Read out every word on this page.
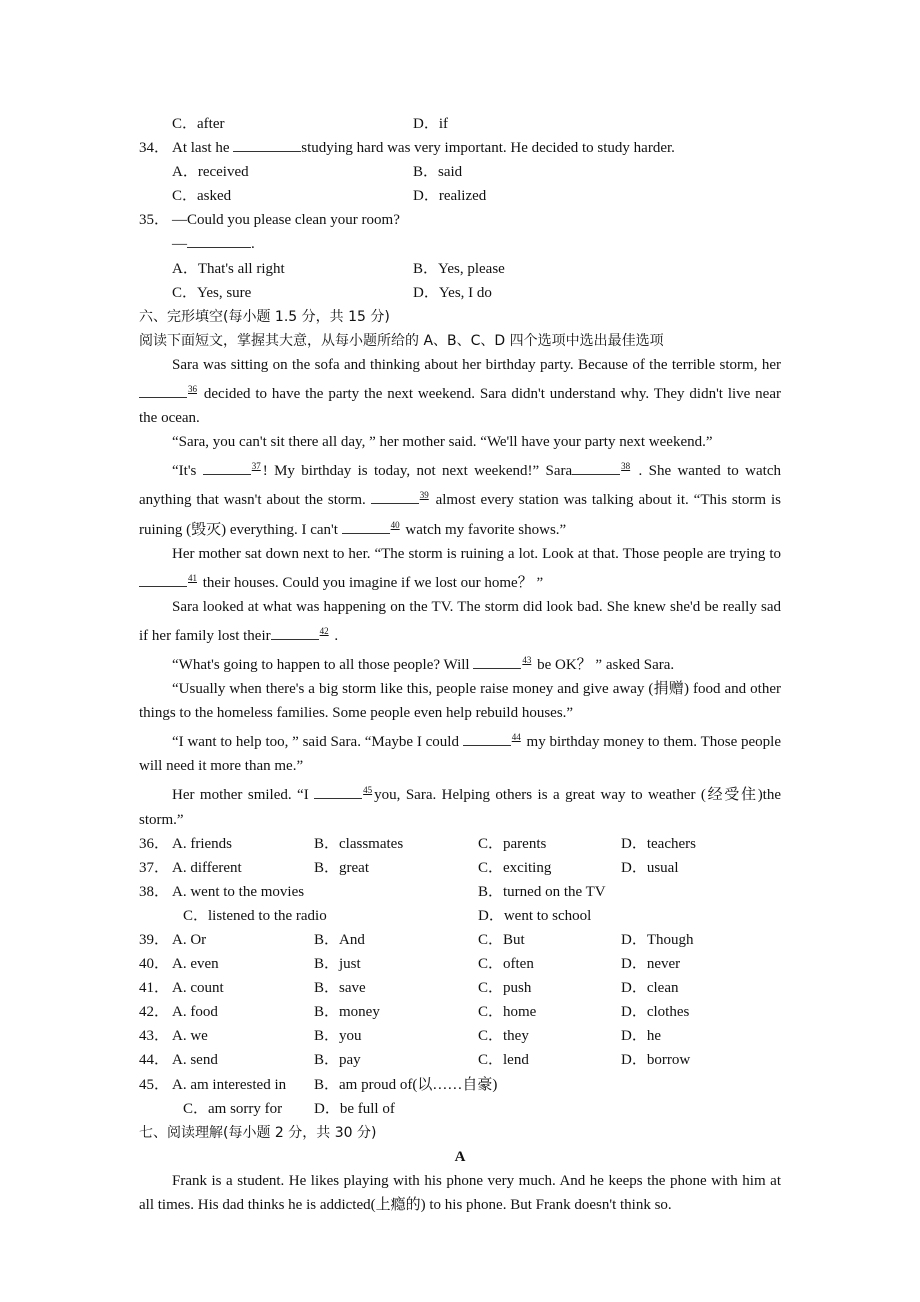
C．after	D．if
34． At last he	studying hard was very important. He decided to study harder.
A．received	B．said
C．asked	D．realized
35． —Could you please clean your room?
—	.
A．That's all right	B．Yes, please
C．Yes, sure	D．Yes, I do
六、完形填空(每小题 1.5 分，共 15 分)
阅读下面短文，掌握其大意，从每小题所给的 A、B、C、D 四个选项中选出最佳选项
Sara was sitting on the sofa and thinking about her birthday party. Because of the terrible storm, her $^{36}$ decided to have the party the next weekend. Sara didn't understand why. They didn't live near the ocean.
“Sara, you can't sit there all day, ” her mother said. “We'll have your party next weekend.”
“It's	$^{37}$ ! My birthday is today, not next weekend!” Sara	$^{38}$ . She wanted to watch anything that wasn't about the storm.	$^{39}$ almost every station was talking about it. “This storm is ruining (毁灭) everything. I can't	$^{40}$ watch my favorite shows.”
Her mother sat down next to her. “The storm is ruining a lot. Look at that. Those people are trying $to^{41}$ their houses. Could you imagine if we lost our home？ ”
Sara looked at what was happening on the TV. The storm did look bad. She knew she'd be really sad if her family lost their	$^{42}$ .
“What's going to happen to all those people? Will	$^{43}$ be OK？ ” asked Sara.
“Usually when there's a big storm like this, people raise money and give away (捐赠) food and other things to the homeless families. Some people even help rebuild houses.”
“I want to help too, ” said Sara. “Maybe I could	$^{44}$ my birthday money to them. Those people will need it more than me.”
Her mother smiled. “I	$^{45}$ you, Sara. Helping others is a great way to weather (经受住)the storm.”
36． A. friends	B．classmates	C．parents	D．teachers
37． A. different	B．great	C．exciting	D．usual
38． A. went to the movies	B．turned on the TV
C．listened to the radio	D．went to school
39． A. Or	B．And	C．But	D．Though
40． A. even	B．just	C．often	D．never
41． A. count	B．save	C．push	D．clean
42． A. food	B．money	C．home	D．clothes
43． A. we	B．you	C．they	D．he
44． A. send	B．pay	C．lend	D．borrow
45． A. am interested in B．am proud of(以……自豪)
C．am sorry for D．be full of
七、阅读理解(每小题 2 分，共 30 分)
A
Frank is a student. He likes playing with his phone very much. And he keeps the phone with him at all times. His dad thinks he is addicted(上瘾的) to his phone. But Frank doesn't think so.
